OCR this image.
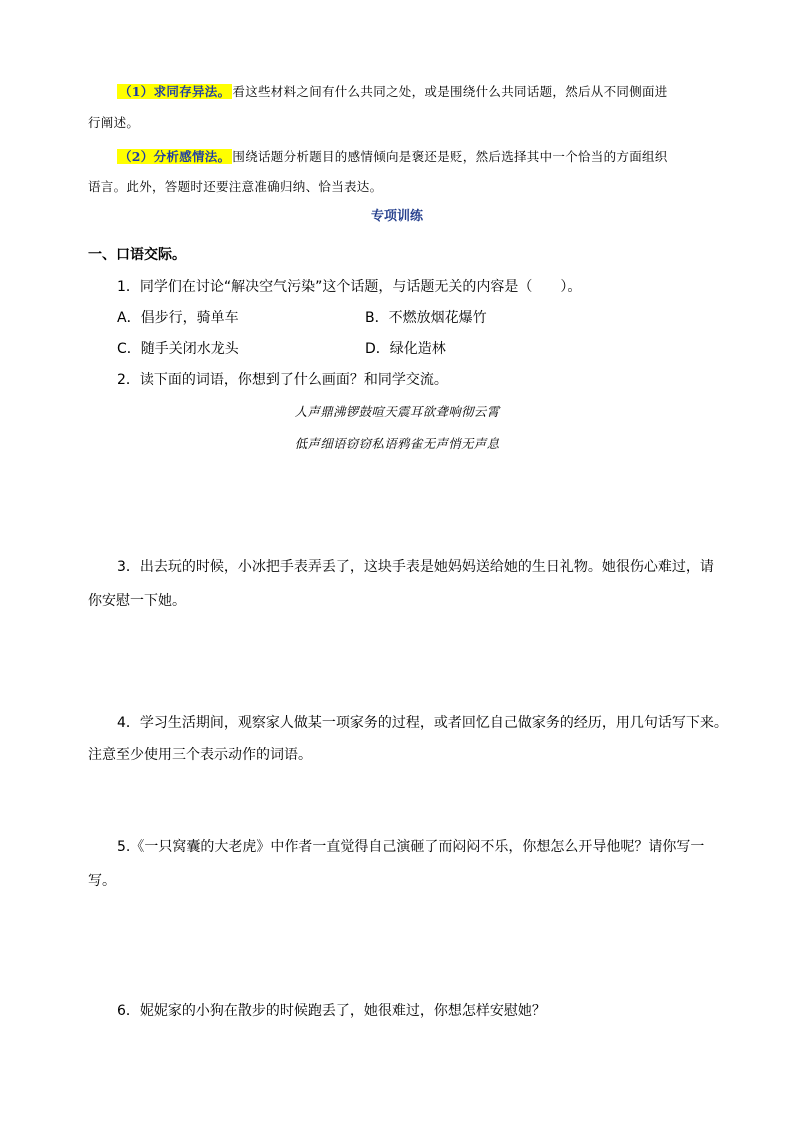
（1）求同存异法。 看这些材料之间有什么共同之处，或是围绕什么共同话题，然后从不同侧面进
行阐述。
（2）分析感情法。 围绕话题分析题目的感情倾向是褒还是贬，然后选择其中一个恰当的方面组织
语言。此外，答题时还要注意准确归纳、恰当表达。
专项训练
一、口语交际。
1．同学们在讨论“解决空气污染”这个话题，与话题无关的内容是（　　）。
A．倡步行，骑单车	B．不燃放烟花爆竹
C．随手关闭水龙头	D．绿化造林
2．读下面的词语，你想到了什么画面？和同学交流。
人声鼎沸锣鼓喧天震耳欲聋响彻云霄
低声细语窃窃私语鸦雀无声悄无声息
3．出去玩的时候，小冰把手表弄丢了，这块手表是她妈妈送给她的生日礼物。她很伤心难过，请
你安慰一下她。
4．学习生活期间，观察家人做某一项家务的过程，或者回忆自己做家务的经历，用几句话写下来。
注意至少使用三个表示动作的词语。
5.《一只窝囊的大老虎》中作者一直觉得自己演砸了而闷闷不乐，你想怎么开导他呢？请你写一
写。
6．妮妮家的小狗在散步的时候跑丢了，她很难过，你想怎样安慰她？
